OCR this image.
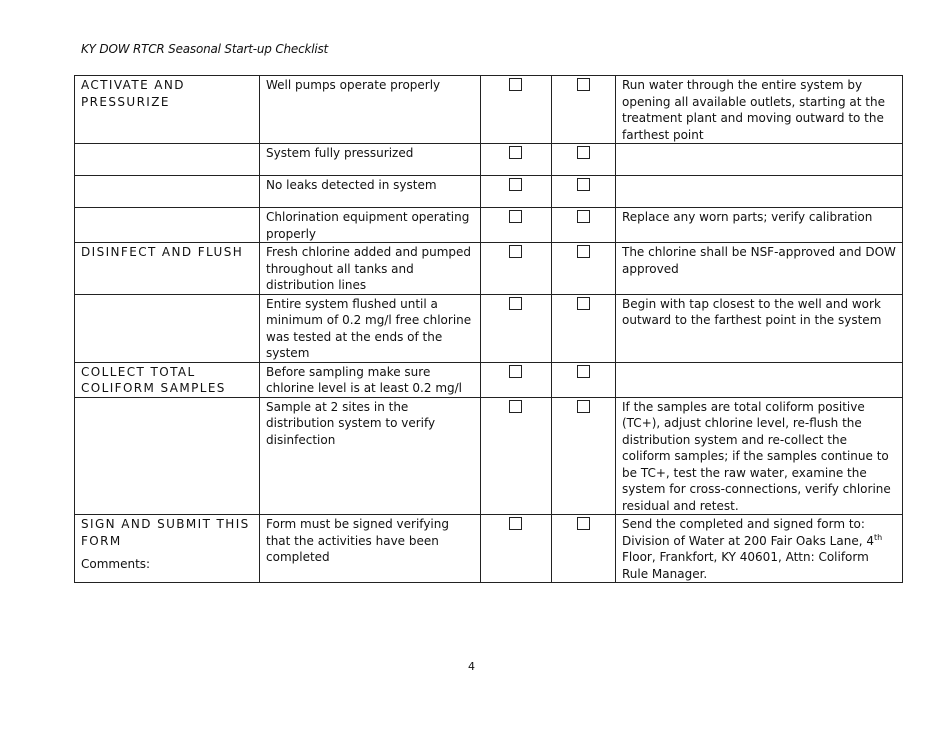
KY DOW RTCR Seasonal Start-up Checklist
ACTIVATE AND PRESSURIZE	Well pumps operate properly			Run water through the entire system by opening all available outlets, starting at the treatment plant and moving outward to the farthest point
	System fully pressurized	

	No leaks detected in system	

	Chlorination equipment operating properly			Replace any worn parts; verify calibration
DISINFECT AND FLUSH	Fresh chlorine added and pumped throughout all tanks and distribution lines			The chlorine shall be NSF-approved and DOW approved
	Entire system flushed until a minimum of 0.2 mg/l free chlorine was tested at the ends of the system			Begin with tap closest to the well and work outward to the farthest point in the system
COLLECT TOTAL COLIFORM SAMPLES	Before sampling make sure chlorine level is at least 0.2 mg/l	

	Sample at 2 sites in the distribution system to verify disinfection			If the samples are total coliform positive (TC+), adjust chlorine level, re-flush the distribution system and re-collect the coliform samples; if the samples continue to be TC+, test the raw water, examine the system for cross-connections, verify chlorine residual and retest.
SIGN AND SUBMIT THIS FORM	Form must be signed verifying that the activities have been completed			Send the completed and signed form to: Division of Water at 200 Fair Oaks Lane, 4th Floor, Frankfort, KY 40601, Attn: Coliform Rule Manager.
Comments:
4
